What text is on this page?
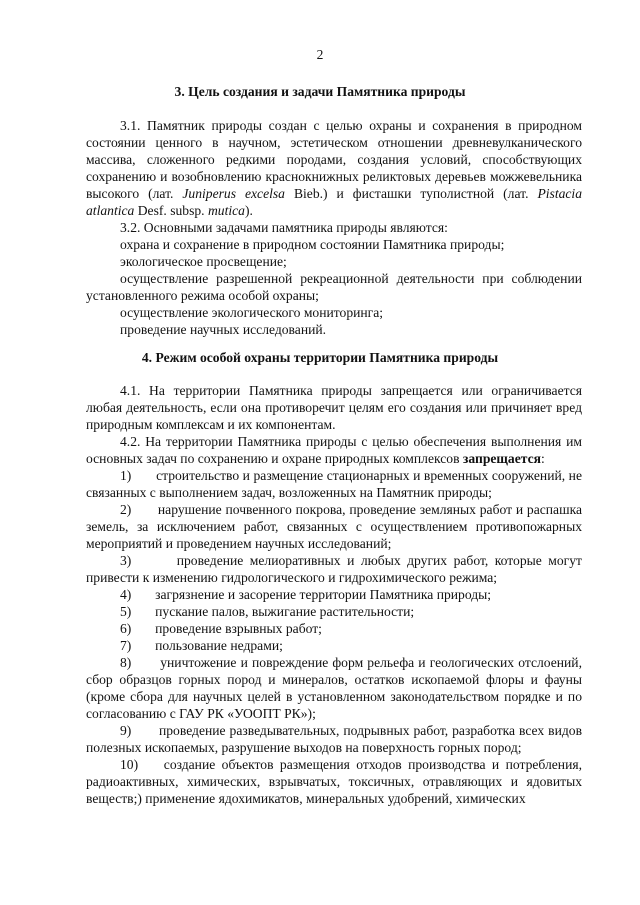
2
3. Цель создания и задачи Памятника природы

3.1. Памятник природы создан с целью охраны и сохранения в природном состоянии ценного в научном, эстетическом отношении древневулканического массива, сложенного редкими породами, создания условий, способствующих сохранению и возобновлению краснокнижных реликтовых деревьев можжевельника высокого (лат. Juniperus excelsa Bieb.) и фисташки туполистной (лат. Pistacia atlantica Desf. subsp. mutica).

3.2. Основными задачами памятника природы являются:

охрана и сохранение в природном состоянии Памятника природы;

экологическое просвещение;

осуществление разрешенной рекреационной деятельности при соблюдении установленного режима особой охраны;

осуществление экологического мониторинга;

проведение научных исследований.

4. Режим особой охраны территории Памятника природы

4.1. На территории Памятника природы запрещается или ограничивается любая деятельность, если она противоречит целям его создания или причиняет вред природным комплексам и их компонентам.

4.2. На территории Памятника природы с целью обеспечения выполнения им основных задач по сохранению и охране природных комплексов запрещается:

1) строительство и размещение стационарных и временных сооружений, не связанных с выполнением задач, возложенных на Памятник природы;

2) нарушение почвенного покрова, проведение земляных работ и распашка земель, за исключением работ, связанных с осуществлением противопожарных мероприятий и проведением научных исследований;

3)	проведение мелиоративных и любых других работ, которые могут привести к изменению гидрологического и гидрохимического режима;

4) загрязнение и засорение территории Памятника природы;

5) пускание палов, выжигание растительности;

6) проведение взрывных работ;

7) пользование недрами;

8) уничтожение и повреждение форм рельефа и геологических отслоений, сбор образцов горных пород и минералов, остатков ископаемой флоры и фауны (кроме сбора для научных целей в установленном законодательством порядке и по согласованию с ГАУ РК «УООПТ РК»);

9) проведение разведывательных, подрывных работ, разработка всех видов полезных ископаемых, разрушение выходов на поверхность горных пород;

10) создание объектов размещения отходов производства и потребления, радиоактивных, химических, взрывчатых, токсичных, отравляющих и ядовитых веществ;) применение ядохимикатов, минеральных удобрений, химических
